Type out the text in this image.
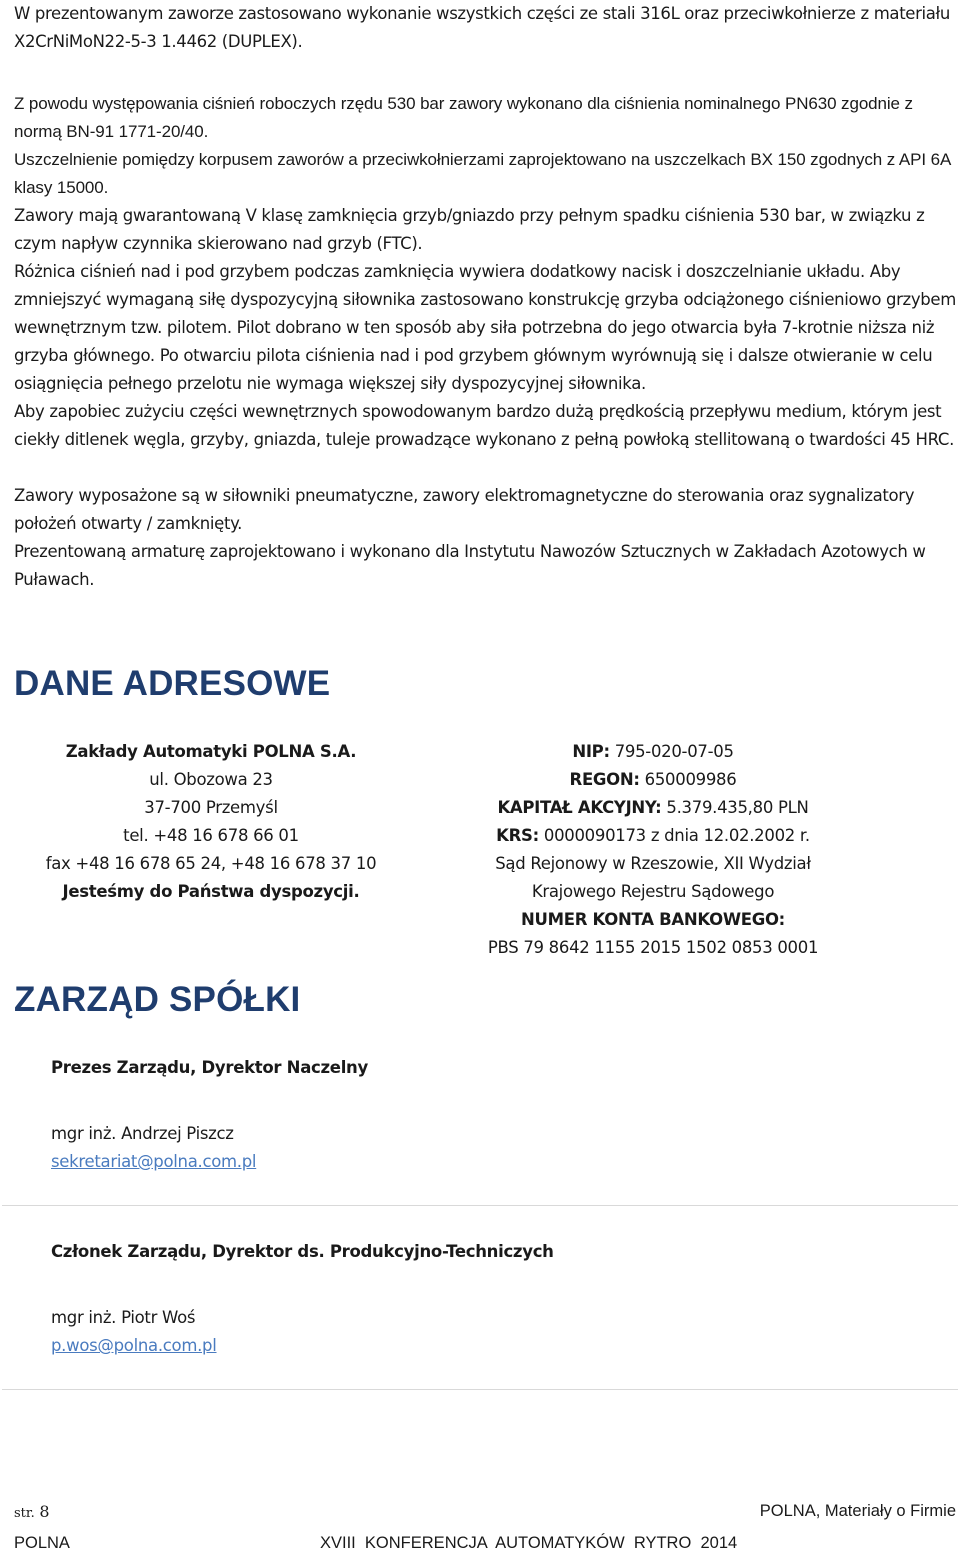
W prezentowanym zaworze zastosowano wykonanie wszystkich części ze stali 316L oraz przeciwkołnierze z materiału X2CrNiMoN22-5-3 1.4462 (DUPLEX).

Z powodu występowania ciśnień roboczych rzędu 530 bar zawory wykonano dla ciśnienia nominalnego PN630 zgodnie z normą BN-91 1771-20/40.

Uszczelnienie pomiędzy korpusem zaworów a przeciwkołnierzami zaprojektowano na uszczelkach BX 150 zgodnych z API 6A klasy 15000.

Zawory mają gwarantowaną V klasę zamknięcia grzyb/gniazdo przy pełnym spadku ciśnienia 530 bar, w związku z czym napływ czynnika skierowano nad grzyb (FTC).

Różnica ciśnień nad i pod grzybem podczas zamknięcia wywiera dodatkowy nacisk i doszczelnianie układu. Aby zmniejszyć wymaganą siłę dyspozycyjną siłownika zastosowano konstrukcję grzyba odciążonego ciśnieniowo grzybem wewnętrznym tzw. pilotem. Pilot dobrano w ten sposób aby siła potrzebna do jego otwarcia była 7-krotnie niższa niż grzyba głównego. Po otwarciu pilota ciśnienia nad i pod grzybem głównym wyrównują się i dalsze otwieranie w celu osiągnięcia pełnego przelotu nie wymaga większej siły dyspozycyjnej siłownika.

Aby zapobiec zużyciu części wewnętrznych spowodowanym bardzo dużą prędkością przepływu medium, którym jest ciekły ditlenek węgla, grzyby, gniazda, tuleje prowadzące wykonano z pełną powłoką stellitowaną o twardości 45 HRC.

Zawory wyposażone są w siłowniki pneumatyczne, zawory elektromagnetyczne do sterowania oraz sygnalizatory położeń otwarty / zamknięty.

Prezentowaną armaturę zaprojektowano i wykonano dla Instytutu Nawozów Sztucznych w Zakładach Azotowych w Puławach.

DANE ADRESOWE
Zakłady Automatyki POLNA S.A.
ul. Obozowa 23
37-700 Przemyśl
tel. +48 16 678 66 01
fax +48 16 678 65 24, +48 16 678 37 10
Jesteśmy do Państwa dyspozycji.
NIP: 795-020-07-05
REGON: 650009986
KAPITAŁ AKCYJNY: 5.379.435,80 PLN
KRS: 0000090173 z dnia 12.02.2002 r.
Sąd Rejonowy w Rzeszowie, XII Wydział
Krajowego Rejestru Sądowego
NUMER KONTA BANKOWEGO:
PBS 79 8642 1155 2015 1502 0853 0001
ZARZĄD SPÓŁKI

Prezes Zarządu, Dyrektor Naczelny

mgr inż. Andrzej Piszcz
sekretariat@polna.com.pl

Członek Zarządu, Dyrektor ds. Produkcyjno-Techniczych

mgr inż. Piotr Woś
p.wos@polna.com.pl
str. 8	POLNA, Materiały o Firmie
POLNA	XVIII  KONFERENCJA  AUTOMATYKÓW  RYTRO  2014
